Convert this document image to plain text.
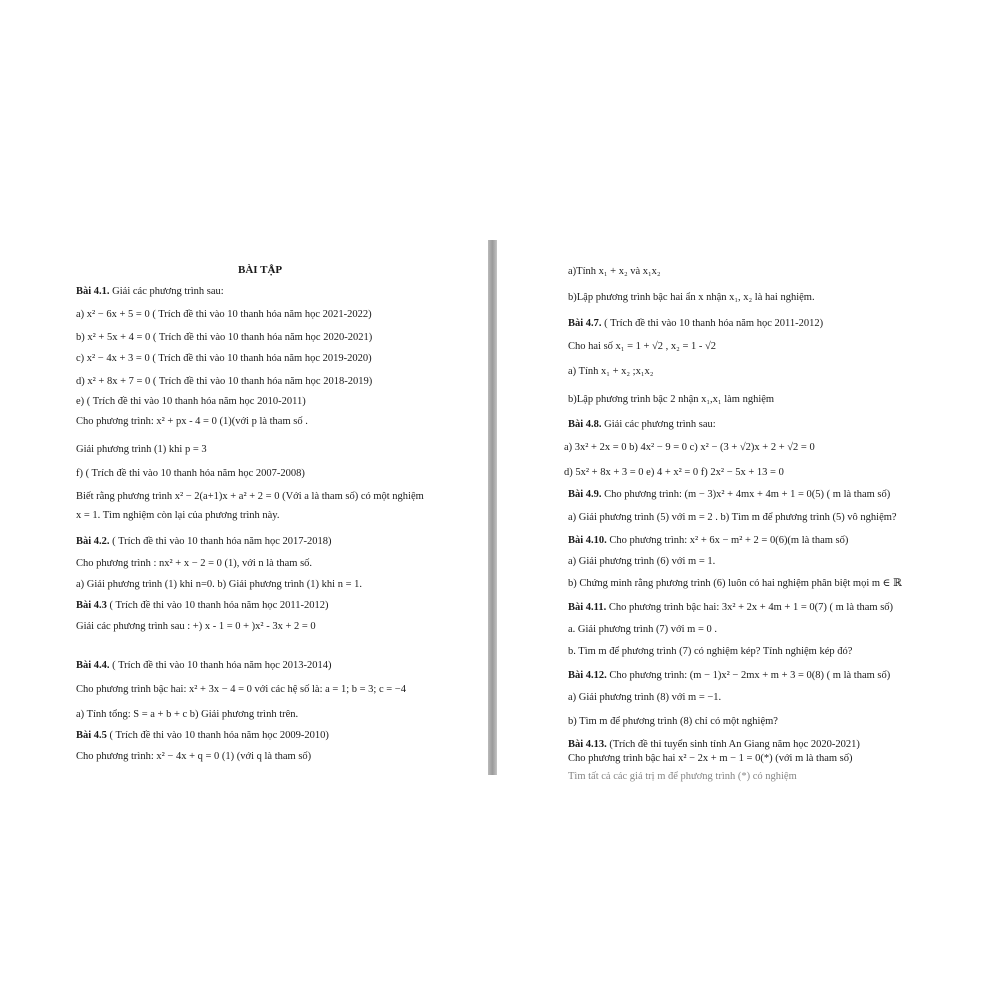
BÀI TẬP
Bài 4.1. Giải các phương trình sau:
a) x² − 6x + 5 = 0 ( Trích đề thi vào 10 thanh hóa năm học 2021-2022)
b) x² + 5x + 4 = 0 ( Trích đề thi vào 10 thanh hóa năm học 2020-2021)
c) x² − 4x + 3 = 0 ( Trích đề thi vào 10 thanh hóa năm học 2019-2020)
d) x² + 8x + 7 = 0 ( Trích đề thi vào 10 thanh hóa năm học 2018-2019)
e) ( Trích đề thi vào 10 thanh hóa năm học 2010-2011)
Cho phương trình: x² + px - 4 = 0 (1)(với p là tham số .
Giải phương trình (1) khi p = 3
f) ( Trích đề thi vào 10 thanh hóa năm học 2007-2008)
Biết rằng phương trình x² − 2(a+1)x + a² + 2 = 0 (Với a là tham số) có một nghiệm
x = 1. Tìm nghiệm còn lại của phương trình này.
Bài 4.2. ( Trích đề thi vào 10 thanh hóa năm học 2017-2018)
Cho phương trình : nx² + x − 2 = 0 (1), với n là tham số.
a) Giải phương trình (1) khi n=0. b) Giải phương trình (1) khi n = 1.
Bài 4.3 ( Trích đề thi vào 10 thanh hóa năm học 2011-2012)
Giải các phương trình sau : +) x - 1 = 0 + )x² - 3x + 2 = 0
Bài 4.4. ( Trích đề thi vào 10 thanh hóa năm học 2013-2014)
Cho phương trình bậc hai: x² + 3x − 4 = 0 với các hệ số là: a = 1; b = 3; c = −4
a) Tính tổng: S = a + b + c b) Giải phương trình trên.
Bài 4.5 ( Trích đề thi vào 10 thanh hóa năm học 2009-2010)
Cho phương trình: x² − 4x + q = 0 (1) (với q là tham số)
a)Tính x₁ + x₂ và x₁x₂
b)Lập phương trình bậc hai ẩn x nhận x₁, x₂ là hai nghiệm.
Bài 4.7. ( Trích đề thi vào 10 thanh hóa năm học 2011-2012)
Cho hai số x₁ = 1 + √2 , x₂ = 1 - √2
a) Tính x₁ + x₂ ;x₁x₂
b)Lập phương trình bậc 2 nhận x₁,x₁ làm nghiệm
Bài 4.8. Giải các phương trình sau:
a) 3x² + 2x = 0 b) 4x² − 9 = 0 c) x² − (3 + √2)x + 2 + √2 = 0
d) 5x² + 8x + 3 = 0 e) 4 + x² = 0 f) 2x² − 5x + 13 = 0
Bài 4.9. Cho phương trình: (m − 3)x² + 4mx + 4m + 1 = 0(5) ( m là tham số)
a) Giải phương trình (5) với m = 2 . b) Tìm m để phương trình (5) vô nghiệm?
Bài 4.10. Cho phương trình: x² + 6x − m² + 2 = 0(6)(m là tham số)
a) Giải phương trình (6) với m = 1.
b) Chứng minh rằng phương trình (6) luôn có hai nghiệm phân biệt mọi m ∈ ℝ
Bài 4.11. Cho phương trình bậc hai: 3x² + 2x + 4m + 1 = 0(7) ( m là tham số)
a. Giải phương trình (7) với m = 0 .
b. Tìm m để phương trình (7) có nghiệm kép? Tính nghiệm kép đó?
Bài 4.12. Cho phương trình: (m − 1)x² − 2mx + m + 3 = 0(8) ( m là tham số)
a) Giải phương trình (8) với m = −1.
b) Tìm m để phương trình (8) chỉ có một nghiệm?
Bài 4.13. (Trích đề thi tuyển sinh tỉnh An Giang năm học 2020-2021)
Cho phương trình bậc hai x² − 2x + m − 1 = 0(*) (với m là tham số)
Tìm tất cả các giá trị m để phương trình (*) có nghiệm
